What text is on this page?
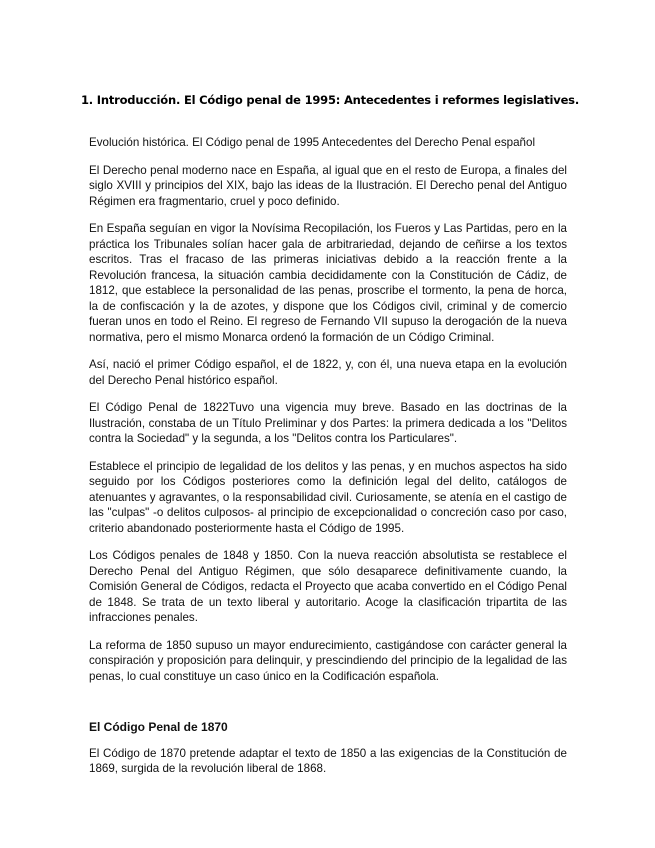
1. Introducción. El Código penal de 1995: Antecedentes i reformes legislatives.

Evolución histórica. El Código penal de 1995 Antecedentes del Derecho Penal español

El Derecho penal moderno nace en España, al igual que en el resto de Europa, a finales del siglo XVIII y principios del XIX, bajo las ideas de la Ilustración. El Derecho penal del Antiguo Régimen era fragmentario, cruel y poco definido.

En España seguían en vigor la Novísima Recopilación, los Fueros y Las Partidas, pero en la práctica los Tribunales solían hacer gala de arbitrariedad, dejando de ceñirse a los textos escritos. Tras el fracaso de las primeras iniciativas debido a la reacción frente a la Revolución francesa, la situación cambia decididamente con la Constitución de Cádiz, de 1812, que establece la personalidad de las penas, proscribe el tormento, la pena de horca, la de confiscación y la de azotes, y dispone que los Códigos civil, criminal y de comercio fueran unos en todo el Reino. El regreso de Fernando VII supuso la derogación de la nueva normativa, pero el mismo Monarca ordenó la formación de un Código Criminal.

Así, nació el primer Código español, el de 1822, y, con él, una nueva etapa en la evolución del Derecho Penal histórico español.

El Código Penal de 1822Tuvo una vigencia muy breve. Basado en las doctrinas de la Ilustración, constaba de un Título Preliminar y dos Partes: la primera dedicada a los "Delitos contra la Sociedad" y la segunda, a los "Delitos contra los Particulares".

Establece el principio de legalidad de los delitos y las penas, y en muchos aspectos ha sido seguido por los Códigos posteriores como la definición legal del delito, catálogos de atenuantes y agravantes, o la responsabilidad civil. Curiosamente, se atenía en el castigo de las "culpas" -o delitos culposos- al principio de excepcionalidad o concreción caso por caso, criterio abandonado posteriormente hasta el Código de 1995.

Los Códigos penales de 1848 y 1850. Con la nueva reacción absolutista se restablece el Derecho Penal del Antiguo Régimen, que sólo desaparece definitivamente cuando, la Comisión General de Códigos, redacta el Proyecto que acaba convertido en el Código Penal de 1848. Se trata de un texto liberal y autoritario. Acoge la clasificación tripartita de las infracciones penales.

La reforma de 1850 supuso un mayor endurecimiento, castigándose con carácter general la conspiración y proposición para delinquir, y prescindiendo del principio de la legalidad de las penas, lo cual constituye un caso único en la Codificación española.

El Código Penal de 1870

El Código de 1870 pretende adaptar el texto de 1850 a las exigencias de la Constitución de 1869, surgida de la revolución liberal de 1868.
